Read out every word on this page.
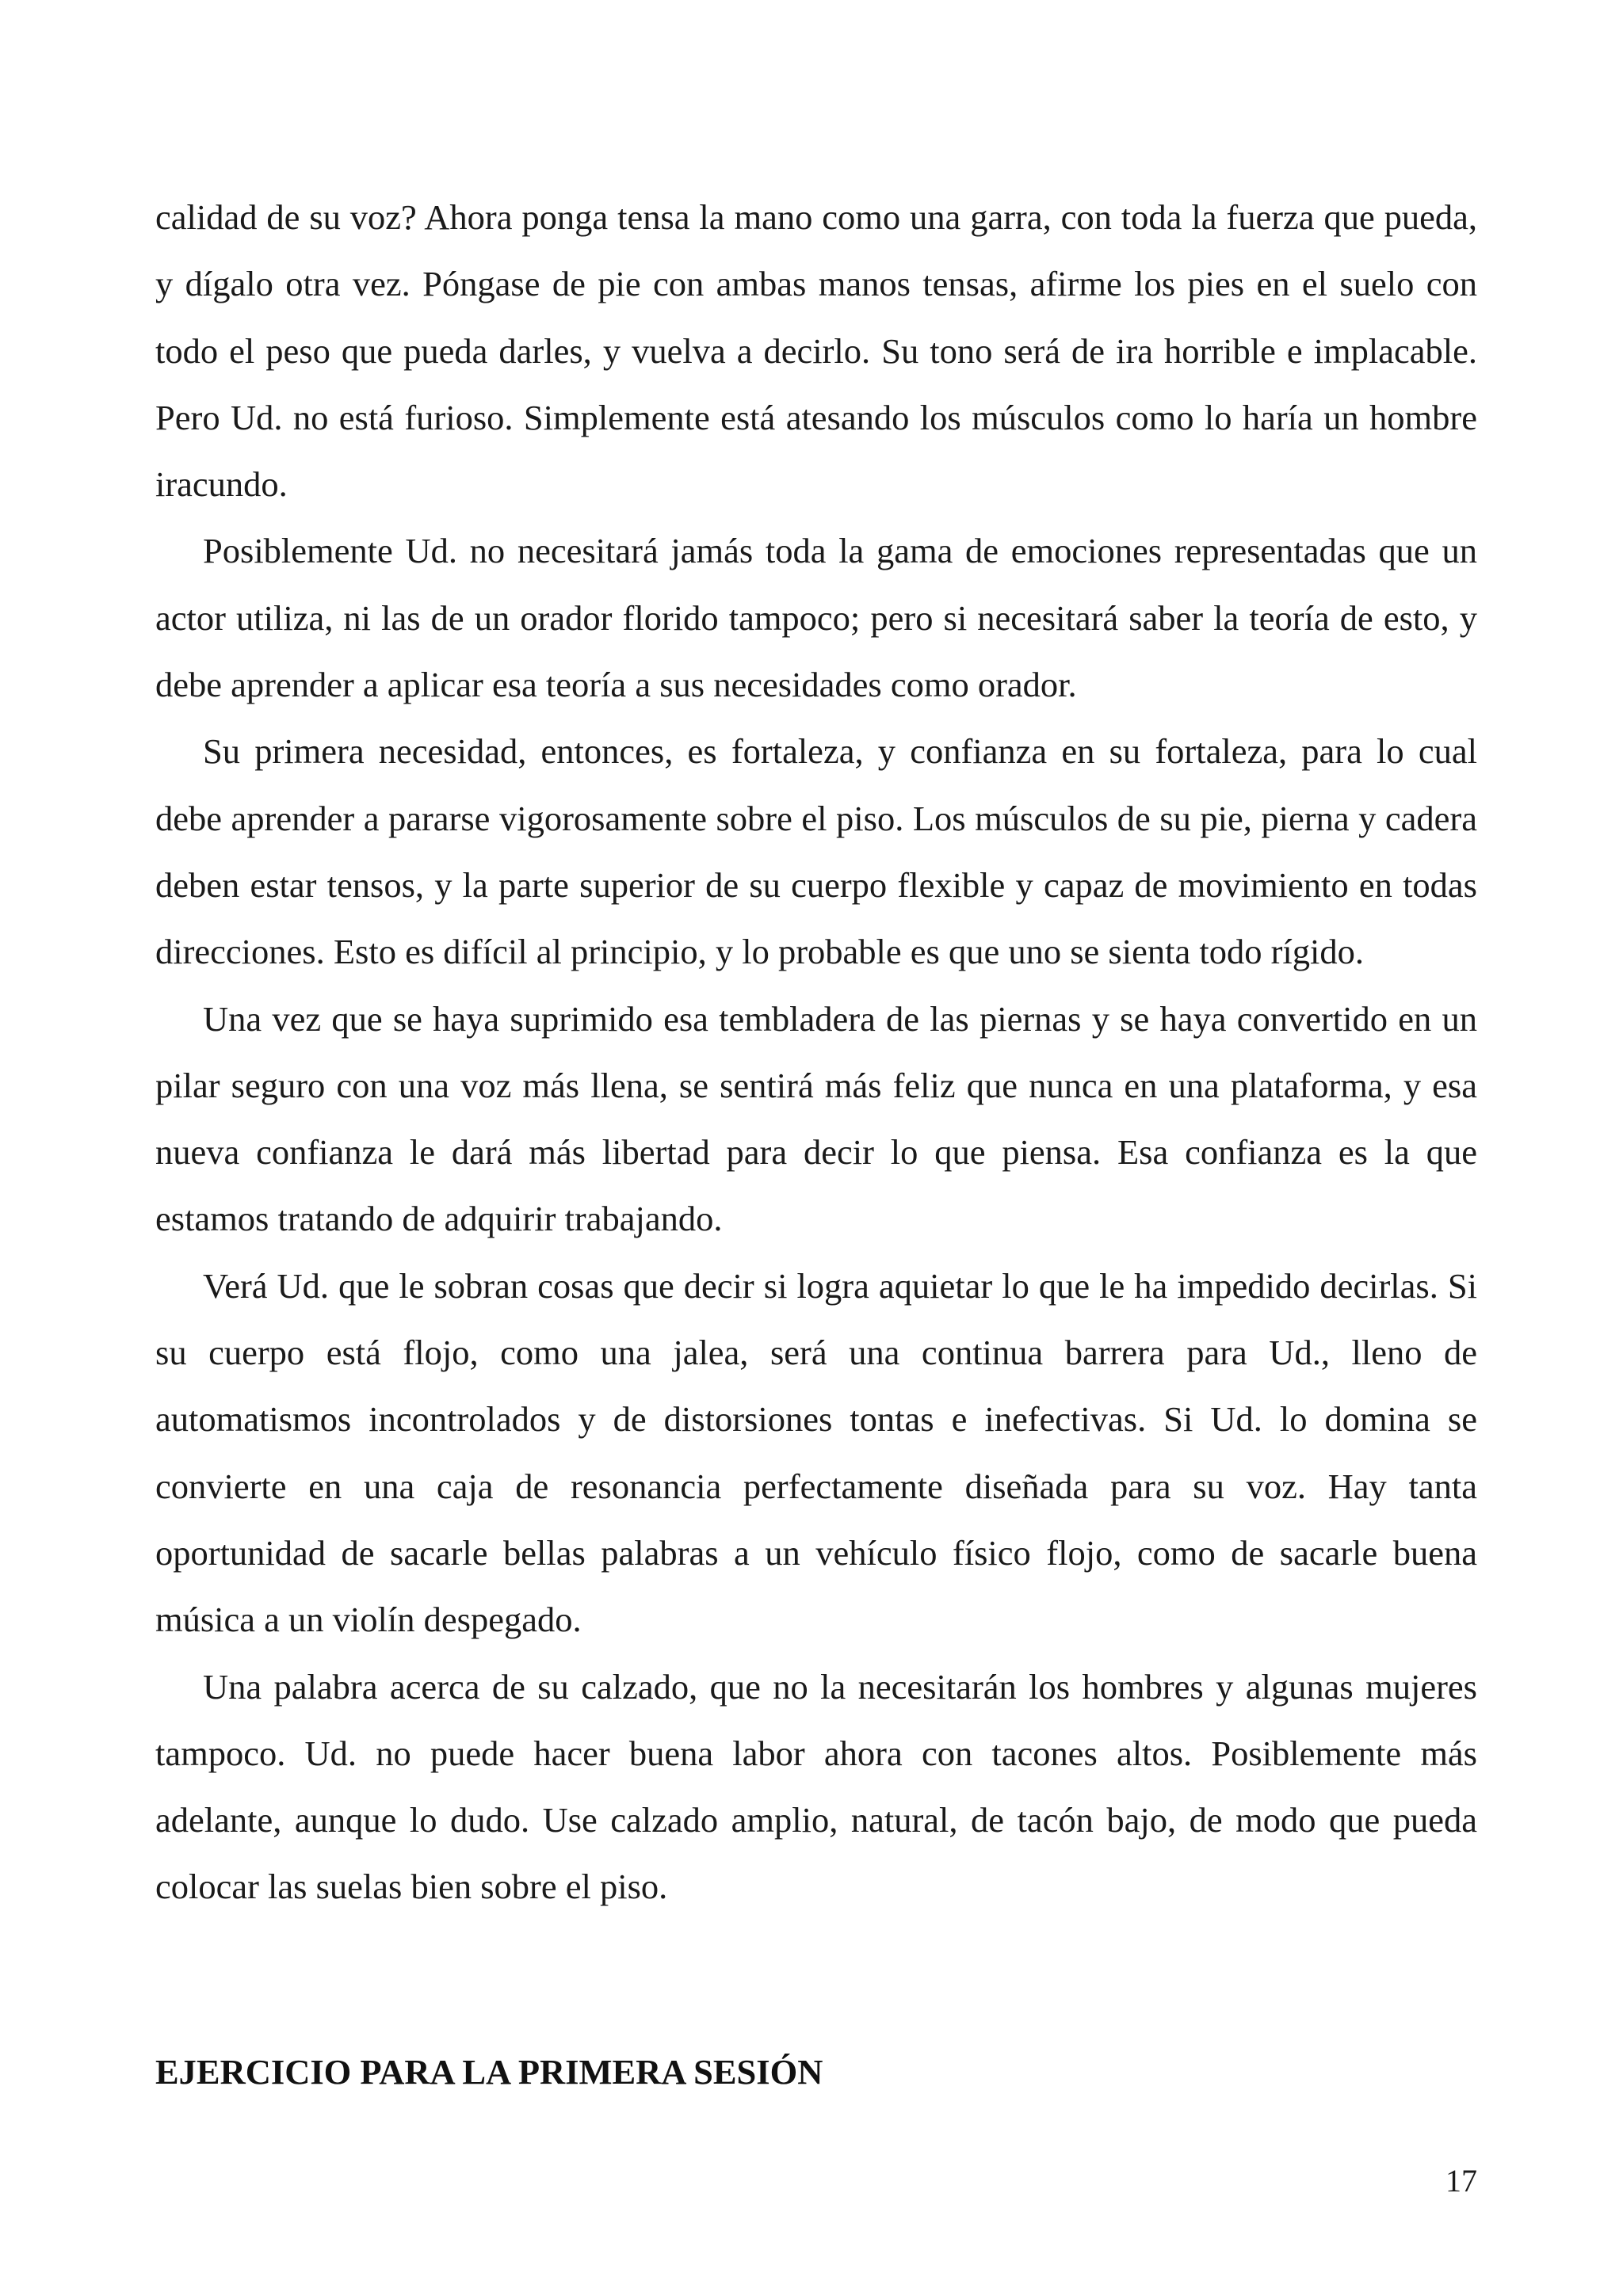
calidad de su voz? Ahora ponga tensa la mano como una garra, con toda la fuerza que pueda, y dígalo otra vez. Póngase de pie con ambas manos tensas, afirme los pies en el suelo con todo el peso que pueda darles, y vuelva a decirlo. Su tono será de ira horrible e implacable. Pero Ud. no está furioso. Simplemente está atesando los músculos como lo haría un hombre iracundo.

Posiblemente Ud. no necesitará jamás toda la gama de emociones representadas que un actor utiliza, ni las de un orador florido tampoco; pero si necesitará saber la teoría de esto, y debe aprender a aplicar esa teoría a sus necesidades como orador.

Su primera necesidad, entonces, es fortaleza, y confianza en su fortaleza, para lo cual debe aprender a pararse vigorosamente sobre el piso. Los músculos de su pie, pierna y cadera deben estar tensos, y la parte superior de su cuerpo flexible y capaz de movimiento en todas direcciones. Esto es difícil al principio, y lo probable es que uno se sienta todo rígido.

Una vez que se haya suprimido esa tembladera de las piernas y se haya convertido en un pilar seguro con una voz más llena, se sentirá más feliz que nunca en una plataforma, y esa nueva confianza le dará más libertad para decir lo que piensa. Esa confianza es la que estamos tratando de adquirir trabajando.

Verá Ud. que le sobran cosas que decir si logra aquietar lo que le ha impedido decirlas. Si su cuerpo está flojo, como una jalea, será una continua barrera para Ud., lleno de automatismos incontrolados y de distorsiones tontas e inefectivas. Si Ud. lo domina se convierte en una caja de resonancia perfectamente diseñada para su voz. Hay tanta oportunidad de sacarle bellas palabras a un vehículo físico flojo, como de sacarle buena música a un violín despegado.

Una palabra acerca de su calzado, que no la necesitarán los hombres y algunas mujeres tampoco. Ud. no puede hacer buena labor ahora con tacones altos. Posiblemente más adelante, aunque lo dudo. Use calzado amplio, natural, de tacón bajo, de modo que pueda colocar las suelas bien sobre el piso.

EJERCICIO PARA LA PRIMERA SESIÓN
17
